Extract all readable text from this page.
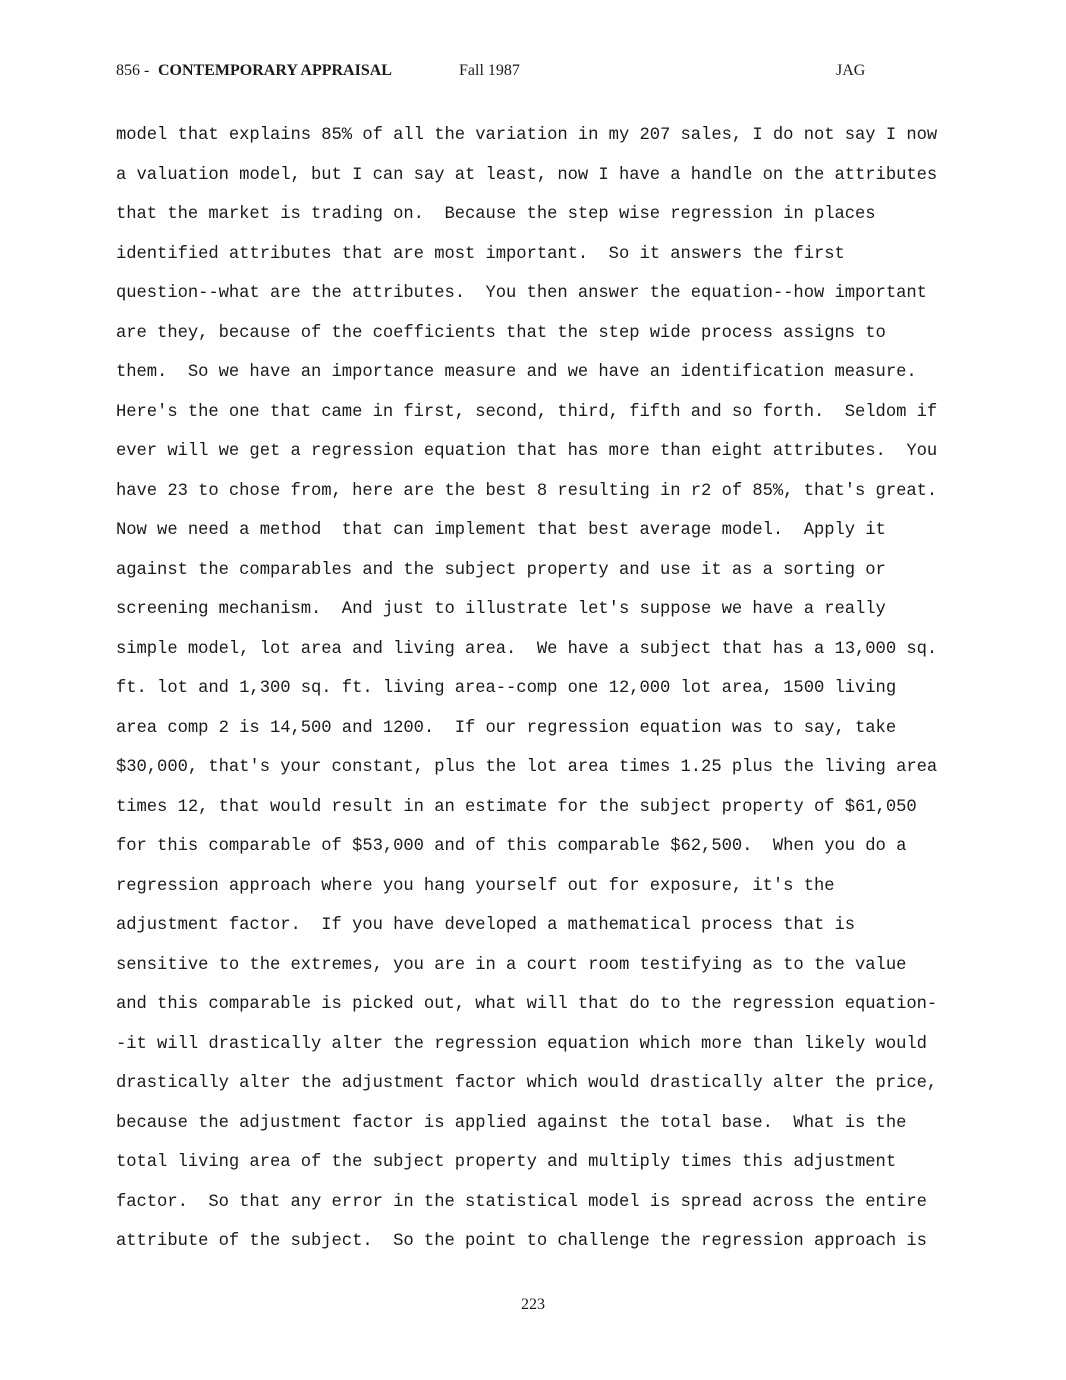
856 - CONTEMPORARY APPRAISAL	Fall 1987	JAG
model that explains 85% of all the variation in my 207 sales, I do not say I now
a valuation model, but I can say at least, now I have a handle on the attributes
that the market is trading on.  Because the step wise regression in places
identified attributes that are most important.  So it answers the first
question--what are the attributes.  You then answer the equation--how important
are they, because of the coefficients that the step wide process assigns to
them.  So we have an importance measure and we have an identification measure.
Here's the one that came in first, second, third, fifth and so forth.  Seldom if
ever will we get a regression equation that has more than eight attributes.  You
have 23 to chose from, here are the best 8 resulting in r2 of 85%, that's great.
Now we need a method  that can implement that best average model.  Apply it
against the comparables and the subject property and use it as a sorting or
screening mechanism.  And just to illustrate let's suppose we have a really
simple model, lot area and living area.  We have a subject that has a 13,000 sq.
ft. lot and 1,300 sq. ft. living area--comp one 12,000 lot area, 1500 living
area comp 2 is 14,500 and 1200.  If our regression equation was to say, take
$30,000, that's your constant, plus the lot area times 1.25 plus the living area
times 12, that would result in an estimate for the subject property of $61,050
for this comparable of $53,000 and of this comparable $62,500.  When you do a
regression approach where you hang yourself out for exposure, it's the
adjustment factor.  If you have developed a mathematical process that is
sensitive to the extremes, you are in a court room testifying as to the value
and this comparable is picked out, what will that do to the regression equation-
-it will drastically alter the regression equation which more than likely would
drastically alter the adjustment factor which would drastically alter the price,
because the adjustment factor is applied against the total base.  What is the
total living area of the subject property and multiply times this adjustment
factor.  So that any error in the statistical model is spread across the entire
attribute of the subject.  So the point to challenge the regression approach is
223
